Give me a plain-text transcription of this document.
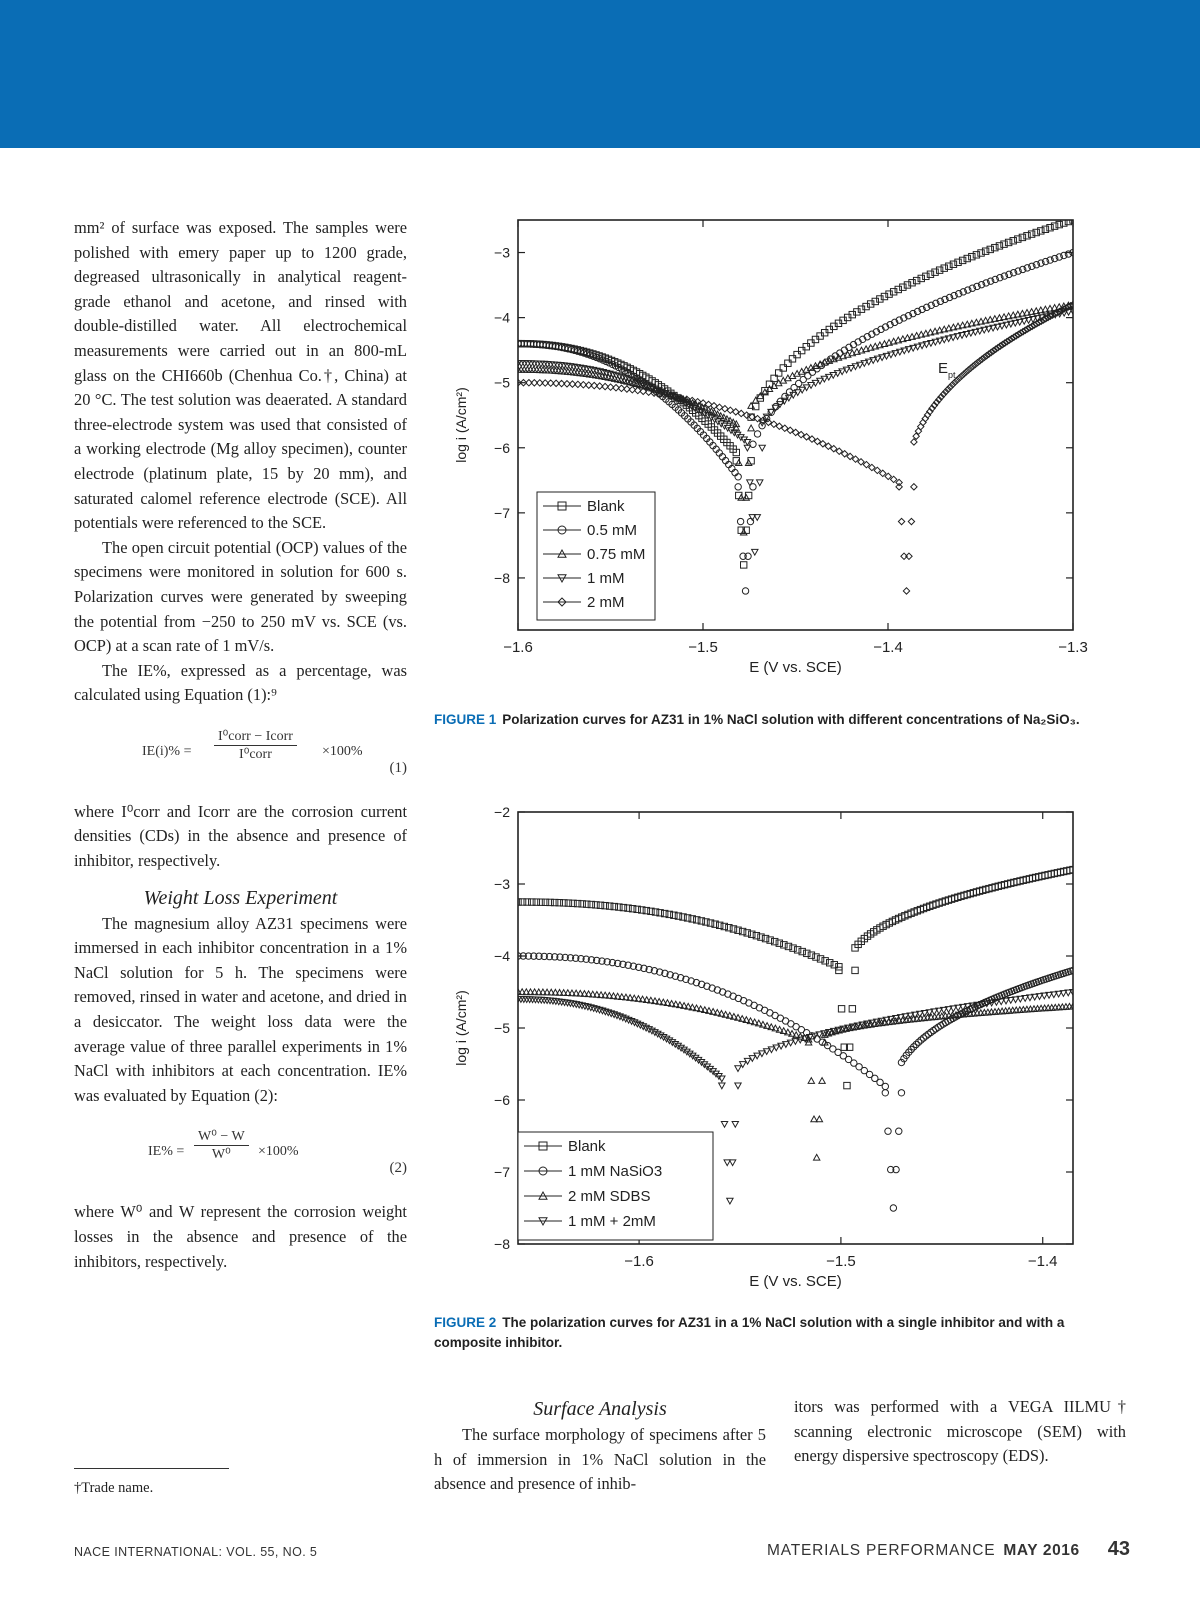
mm² of surface was exposed. The samples were polished with emery paper up to 1200 grade, degreased ultrasonically in analytical reagent-grade ethanol and acetone, and rinsed with double-distilled water. All electrochemical measurements were carried out in an 800-mL glass on the CHI660b (Chenhua Co.†, China) at 20 °C. The test solution was deaerated. A standard three-electrode system was used that consisted of a working electrode (Mg alloy specimen), counter electrode (platinum plate, 15 by 20 mm), and saturated calomel reference electrode (SCE). All potentials were referenced to the SCE.

The open circuit potential (OCP) values of the specimens were monitored in solution for 600 s. Polarization curves were generated by sweeping the potential from −250 to 250 mV vs. SCE (vs. OCP) at a scan rate of 1 mV/s.

The IE%, expressed as a percentage, was calculated using Equation (1):⁹

IE(i)% =
I⁰corr − Icorr
I⁰corr	×100%
(1)

where I⁰corr and Icorr are the corrosion current densities (CDs) in the absence and presence of inhibitor, respectively.

Weight Loss Experiment

The magnesium alloy AZ31 specimens were immersed in each inhibitor concentration in a 1% NaCl solution for 5 h. The specimens were removed, rinsed in water and acetone, and dried in a desiccator. The weight loss data were the average value of three parallel experiments in 1% NaCl with inhibitors at each concentration. IE% was evaluated by Equation (2):

$IE\% = \frac{\text{W⁰ − W}}{\text{W⁰}} \times 100\%$
(2)

where W⁰ and W represent the corrosion weight losses in the absence and presence of the inhibitors, respectively.

†Trade name.
−1.6	−1.5	−1.4	−1.3
−3
−4
−5
−6
−7
−8
E (V vs. SCE)
log i (A/cm²)
E pt
Blank
0.5 mM
0.75 mM
1 mM
2 mM
FIGURE 1 Polarization curves for AZ31 in 1% NaCl solution with different concentrations of Na₂SiO₃.
−1.6	−1.5	−1.4
−2
−3
−4
−5
−6
−7
−8
E (V vs. SCE)
log i (A/cm²)
Blank
1 mM NaSiO3
2 mM SDBS
1 mM + 2mM
FIGURE 2 The polarization curves for AZ31 in a 1% NaCl solution with a single inhibitor and with a composite inhibitor.
Surface Analysis

The surface morphology of specimens after 5 h of immersion in 1% NaCl solution in the absence and presence of inhib-

itors was performed with a VEGA IILMU† scanning electronic microscope (SEM) with energy dispersive spectroscopy (EDS).

NACE INTERNATIONAL: VOL. 55, NO. 5	MATERIALS PERFORMANCE MAY 2016 43
